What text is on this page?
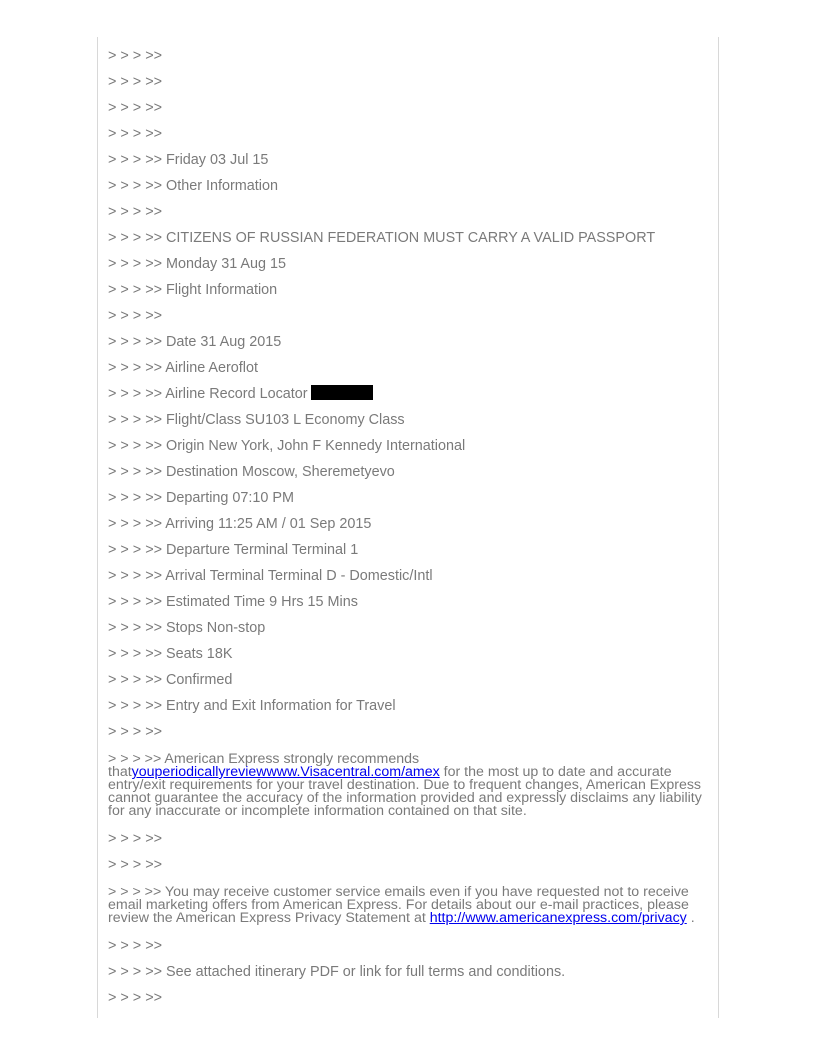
> > > >>
> > > >>
> > > >>
> > > >>
> > > >> Friday 03 Jul 15
> > > >> Other Information
> > > >>
> > > >> CITIZENS OF RUSSIAN FEDERATION MUST CARRY A VALID PASSPORT
> > > >> Monday 31 Aug 15
> > > >> Flight Information
> > > >>
> > > >> Date 31 Aug 2015
> > > >> Airline Aeroflot
> > > >> Airline Record Locator
> > > >> Flight/Class SU103 L Economy Class
> > > >> Origin New York, John F Kennedy International
> > > >> Destination Moscow, Sheremetyevo
> > > >> Departing 07:10 PM
> > > >> Arriving 11:25 AM / 01 Sep 2015
> > > >> Departure Terminal Terminal 1
> > > >> Arrival Terminal Terminal D - Domestic/Intl
> > > >> Estimated Time 9 Hrs 15 Mins
> > > >> Stops Non-stop
> > > >> Seats 18K
> > > >> Confirmed
> > > >> Entry and Exit Information for Travel
> > > >>
> > > >> American Express strongly recommends thatyouperiodicallyreviewwww.Visacentral.com/amex for the most up to date and accurate entry/exit requirements for your travel destination. Due to frequent changes, American Express cannot guarantee the accuracy of the information provided and expressly disclaims any liability for any inaccurate or incomplete information contained on that site.
> > > >>
> > > >>
> > > >> You may receive customer service emails even if you have requested not to receive email marketing offers from American Express. For details about our e-mail practices, please review the American Express Privacy Statement at http://www.americanexpress.com/privacy .
> > > >>
> > > >> See attached itinerary PDF or link for full terms and conditions.
> > > >>
